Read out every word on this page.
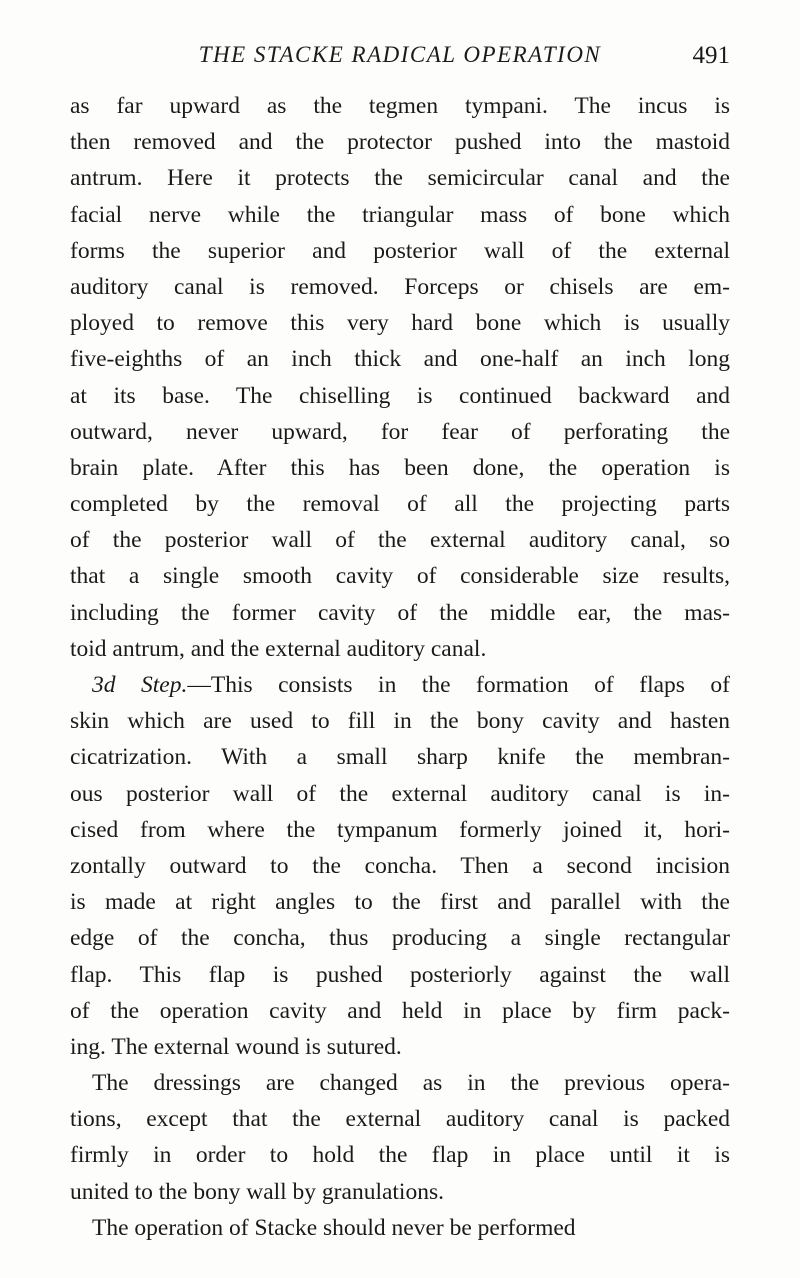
THE STACKE RADICAL OPERATION	491
as far upward as the tegmen tympani. The incus is
then removed and the protector pushed into the mastoid
antrum. Here it protects the semicircular canal and the
facial nerve while the triangular mass of bone which
forms the superior and posterior wall of the external
auditory canal is removed. Forceps or chisels are em-
ployed to remove this very hard bone which is usually
five-eighths of an inch thick and one-half an inch long
at its base. The chiselling is continued backward and
outward, never upward, for fear of perforating the
brain plate. After this has been done, the operation is
completed by the removal of all the projecting parts
of the posterior wall of the external auditory canal, so
that a single smooth cavity of considerable size results,
including the former cavity of the middle ear, the mas-
toid antrum, and the external auditory canal.
3d Step.—This consists in the formation of flaps of
skin which are used to fill in the bony cavity and hasten
cicatrization. With a small sharp knife the membran-
ous posterior wall of the external auditory canal is in-
cised from where the tympanum formerly joined it, hori-
zontally outward to the concha. Then a second incision
is made at right angles to the first and parallel with the
edge of the concha, thus producing a single rectangular
flap. This flap is pushed posteriorly against the wall
of the operation cavity and held in place by firm pack-
ing. The external wound is sutured.
The dressings are changed as in the previous opera-
tions, except that the external auditory canal is packed
firmly in order to hold the flap in place until it is
united to the bony wall by granulations.
The operation of Stacke should never be performed
